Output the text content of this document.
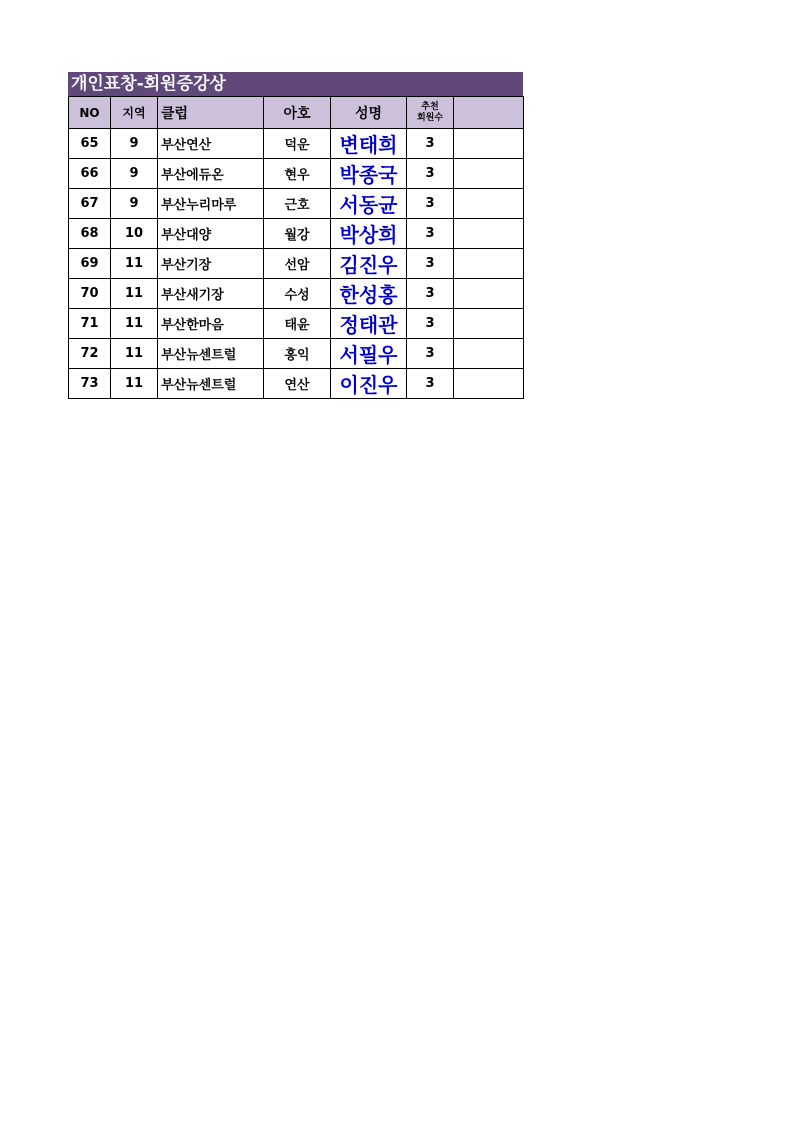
개인표창-회원증강상
NO	지역	클럽	아호	성명	추천
회원수	

65	9	부산연산	덕운	변태희	3	
66	9	부산에듀온	현우	박종국	3	
67	9	부산누리마루	근호	서동균	3	
68	10	부산대양	월강	박상희	3	
69	11	부산기장	선암	김진우	3	
70	11	부산새기장	수성	한성홍	3	
71	11	부산한마음	태윤	정태관	3	
72	11	부산뉴센트럴	홍익	서필우	3	
73	11	부산뉴센트럴	연산	이진우	3	
